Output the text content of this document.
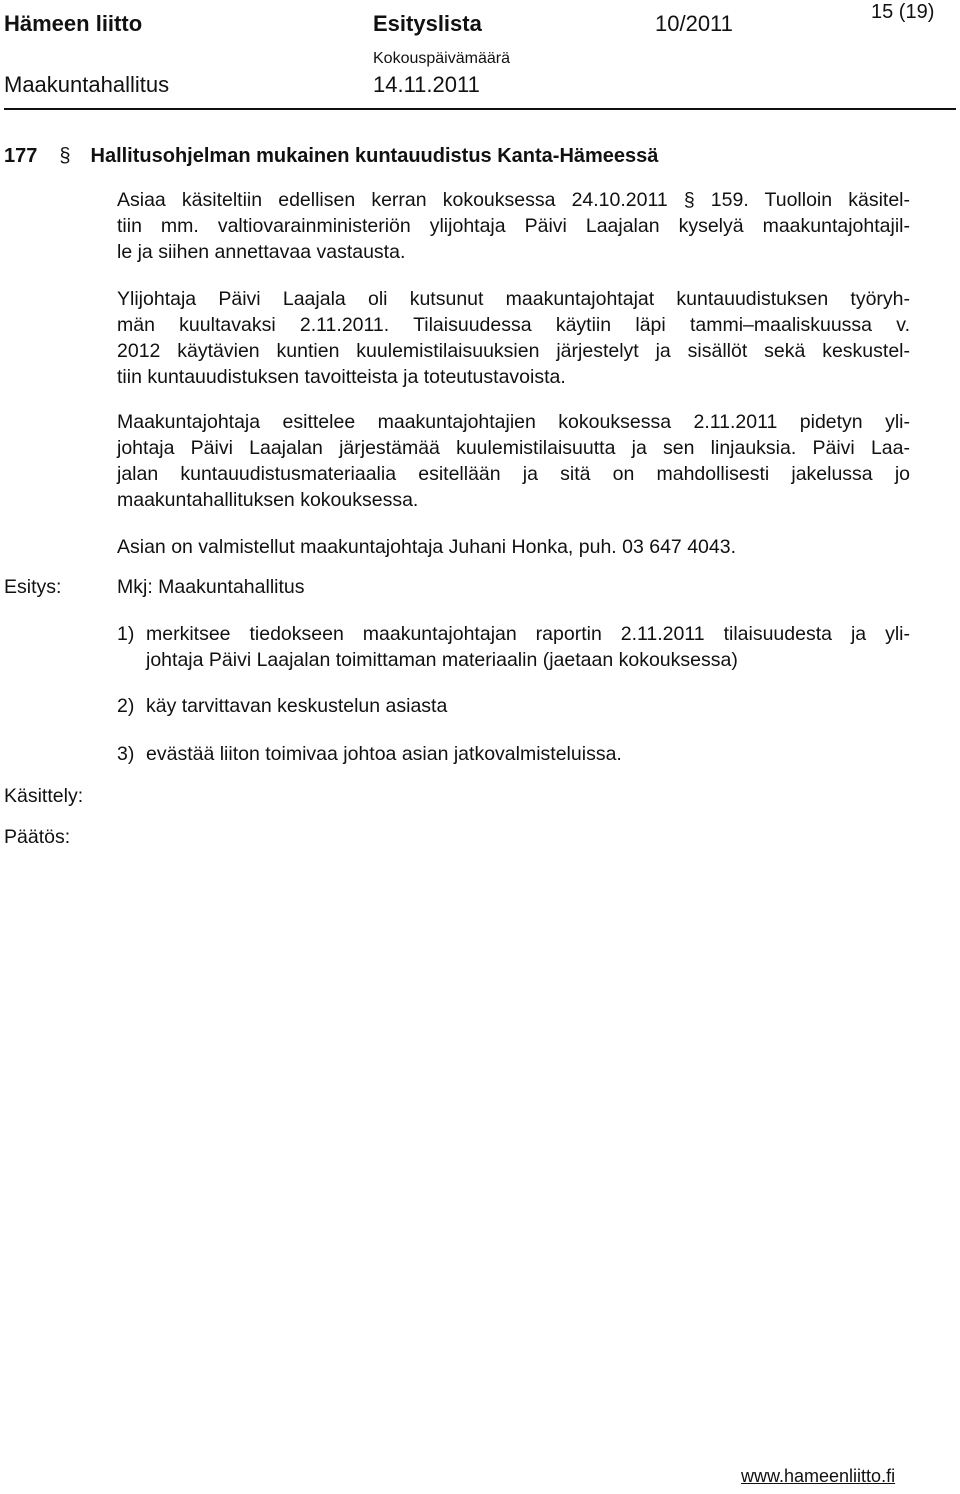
Hämeen liitto	Esityslista	10/2011	15 (19)
Kokouspäivämäärä
Maakuntahallitus	14.11.2011
177 § Hallitusohjelman mukainen kuntauudistus Kanta-Hämeessä
Asiaa käsiteltiin edellisen kerran kokouksessa 24.10.2011 § 159. Tuolloin käsitel-
tiin mm. valtiovarainministeriön ylijohtaja Päivi Laajalan kyselyä maakuntajohtajil-
le ja siihen annettavaa vastausta.
Ylijohtaja Päivi Laajala oli kutsunut maakuntajohtajat kuntauudistuksen työryh-
män kuultavaksi 2.11.2011. Tilaisuudessa käytiin läpi tammi–maaliskuussa v.
2012 käytävien kuntien kuulemistilaisuuksien järjestelyt ja sisällöt sekä keskustel-
tiin kuntauudistuksen tavoitteista ja toteutustavoista.
Maakuntajohtaja esittelee maakuntajohtajien kokouksessa 2.11.2011 pidetyn yli-
johtaja Päivi Laajalan järjestämää kuulemistilaisuutta ja sen linjauksia. Päivi Laa-
jalan kuntauudistusmateriaalia esitellään ja sitä on mahdollisesti jakelussa jo
maakuntahallituksen kokouksessa.
Asian on valmistellut maakuntajohtaja Juhani Honka, puh. 03 647 4043.
Esitys:	Mkj: Maakuntahallitus
1) merkitsee tiedokseen maakuntajohtajan raportin 2.11.2011 tilaisuudesta ja yli-
johtaja Päivi Laajalan toimittaman materiaalin (jaetaan kokouksessa)
2) käy tarvittavan keskustelun asiasta
3) evästää liiton toimivaa johtoa asian jatkovalmisteluissa.
Käsittely:
Päätös:
www.hameenliitto.fi
